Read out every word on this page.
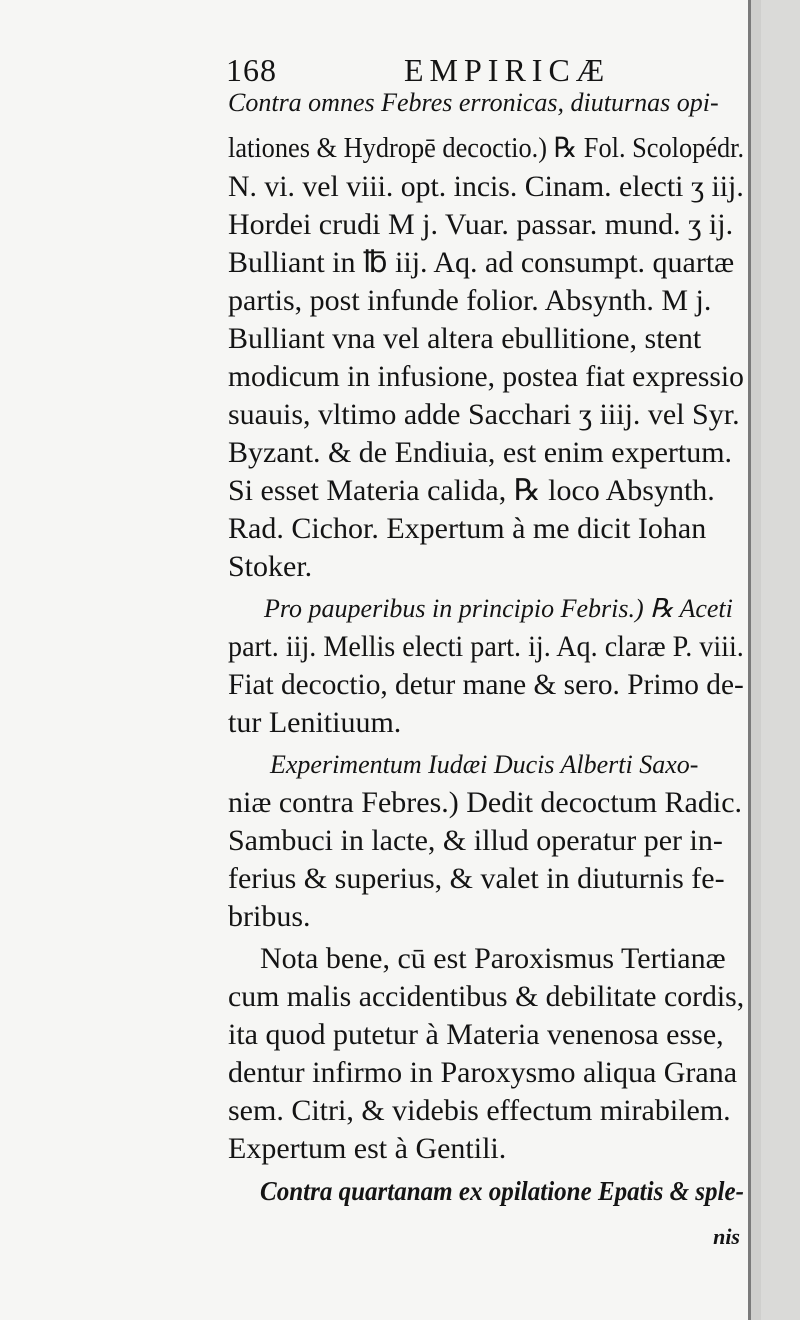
168	EMPIRICÆ
Contra omnes Febres erronicas, diuturnas opi-
lationes & Hydropē decoctio.) ℞ Fol. Scolopédr.
N. vi. vel viii. opt. incis. Cinam. electi ʒ iij.
Hordei crudi M j. Vuar. passar. mund. ʒ ij.
Bulliant in ℔ iij. Aq. ad consumpt. quartæ
partis, post infunde folior. Absynth. M j.
Bulliant vna vel altera ebullitione, stent
modicum in infusione, postea fiat expressio
suauis, vltimo adde Sacchari ʒ iiij. vel Syr.
Byzant. & de Endiuia, est enim expertum.
Si esset Materia calida, ℞ loco Absynth.
Rad. Cichor. Expertum à me dicit Iohan
Stoker.
Pro pauperibus in principio Febris.) ℞ Aceti
part. iij. Mellis electi part. ij. Aq. claræ P. viii.
Fiat decoctio, detur mane & sero. Primo de-
tur Lenitiuum.
Experimentum Iudæi Ducis Alberti Saxo-
niæ contra Febres.) Dedit decoctum Radic.
Sambuci in lacte, & illud operatur per in-
ferius & superius, & valet in diuturnis fe-
bribus.
Nota bene, cū est Paroxismus Tertianæ
cum malis accidentibus & debilitate cordis,
ita quod putetur à Materia venenosa esse,
dentur infirmo in Paroxysmo aliqua Grana
sem. Citri, & videbis effectum mirabilem.
Expertum est à Gentili.
Contra quartanam ex opilatione Epatis & sple-
nis
